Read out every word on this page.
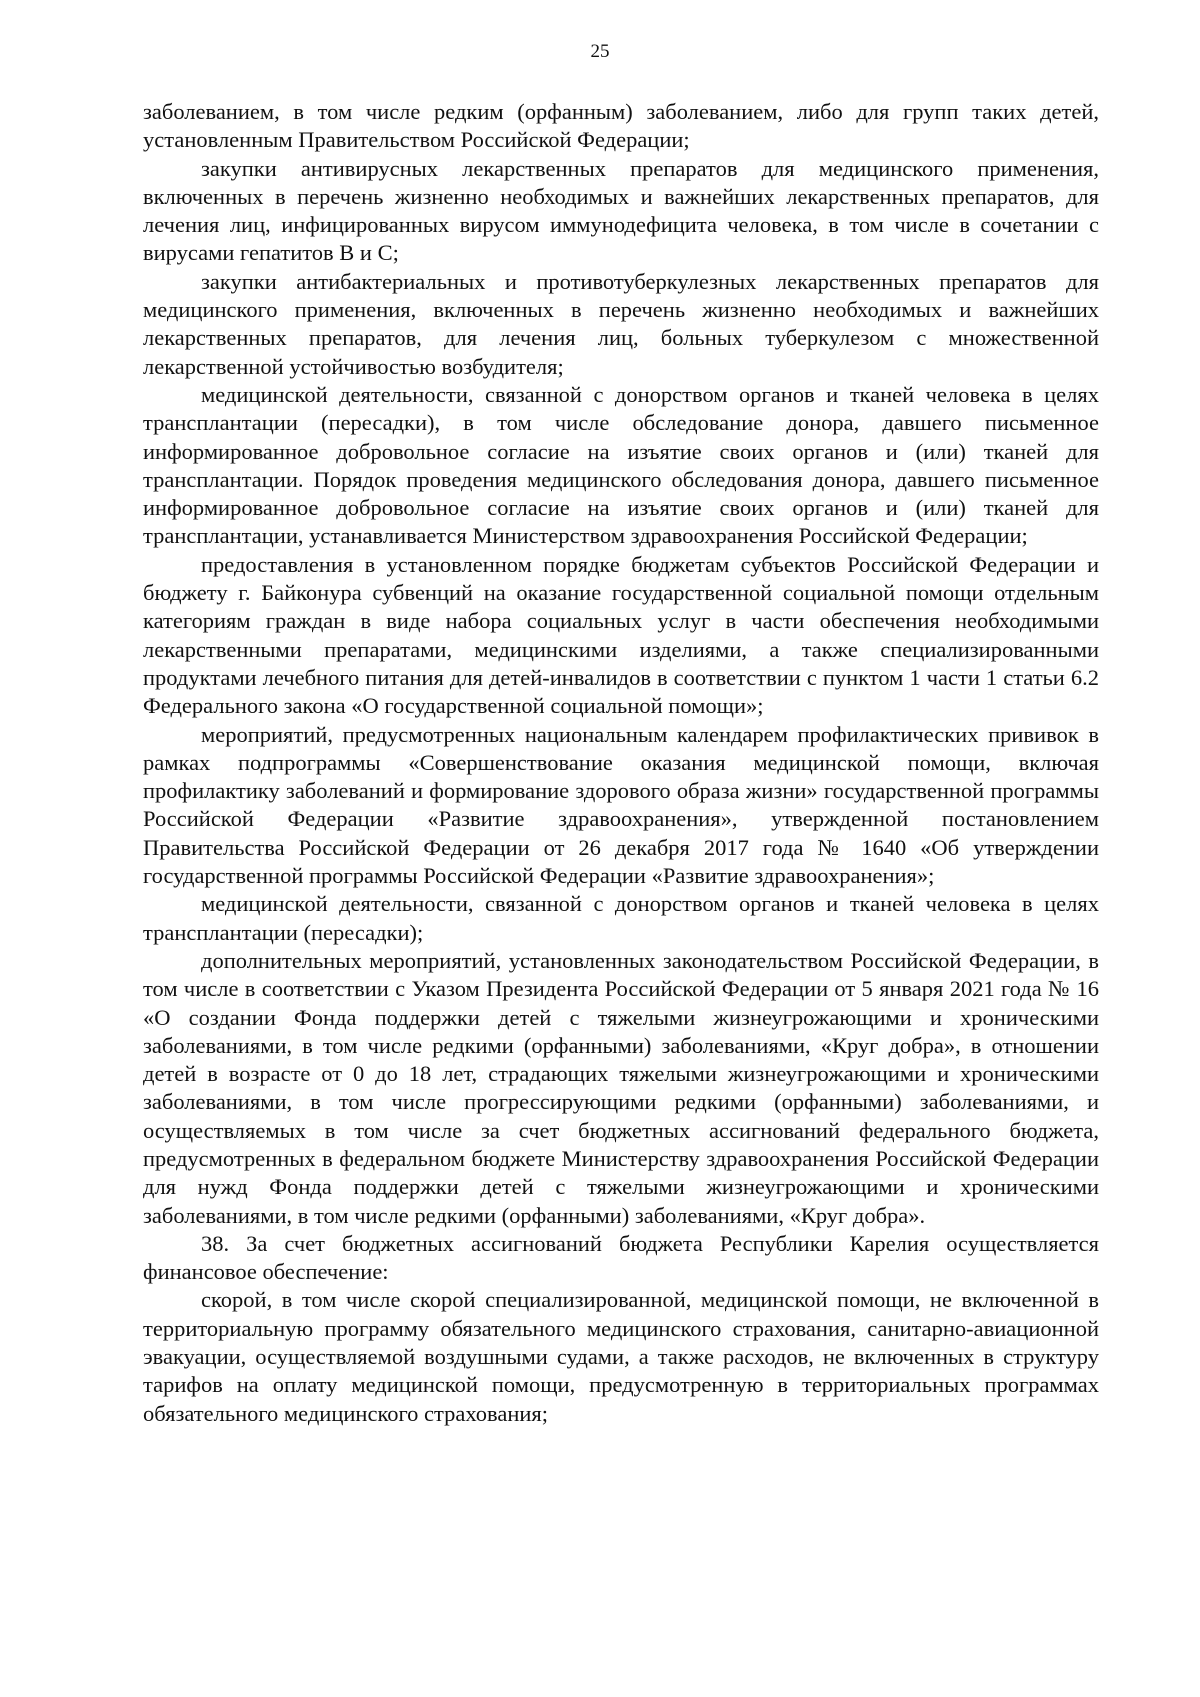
25

заболеванием, в том числе редким (орфанным) заболеванием, либо для групп таких детей, установленным Правительством Российской Федерации;

закупки антивирусных лекарственных препаратов для медицинского применения, включенных в перечень жизненно необходимых и важнейших лекарственных препаратов, для лечения лиц, инфицированных вирусом иммунодефицита человека, в том числе в сочетании с вирусами гепатитов В и С;

закупки антибактериальных и противотуберкулезных лекарственных препаратов для медицинского применения, включенных в перечень жизненно необходимых и важнейших лекарственных препаратов, для лечения лиц, больных туберкулезом с множественной лекарственной устойчивостью возбудителя;

медицинской деятельности, связанной с донорством органов и тканей человека в целях трансплантации (пересадки), в том числе обследование донора, давшего письменное информированное добровольное согласие на изъятие своих органов и (или) тканей для трансплантации. Порядок проведения медицинского обследования донора, давшего письменное информированное добровольное согласие на изъятие своих органов и (или) тканей для трансплантации, устанавливается Министерством здравоохранения Российской Федерации;

предоставления в установленном порядке бюджетам субъектов Российской Федерации и бюджету г. Байконура субвенций на оказание государственной социальной помощи отдельным категориям граждан в виде набора социальных услуг в части обеспечения необходимыми лекарственными препаратами, медицинскими изделиями, а также специализированными продуктами лечебного питания для детей-инвалидов в соответствии с пунктом 1 части 1 статьи 6.2 Федерального закона «О государственной социальной помощи»;

мероприятий, предусмотренных национальным календарем профилактических прививок в рамках подпрограммы «Совершенствование оказания медицинской помощи, включая профилактику заболеваний и формирование здорового образа жизни» государственной программы Российской Федерации «Развитие здравоохранения», утвержденной постановлением Правительства Российской Федерации от 26 декабря 2017 года № 1640 «Об утверждении государственной программы Российской Федерации «Развитие здравоохранения»;

медицинской деятельности, связанной с донорством органов и тканей человека в целях трансплантации (пересадки);

дополнительных мероприятий, установленных законодательством Российской Федерации, в том числе в соответствии с Указом Президента Российской Федерации от 5 января 2021 года № 16 «О создании Фонда поддержки детей с тяжелыми жизнеугрожающими и хроническими заболеваниями, в том числе редкими (орфанными) заболеваниями, «Круг добра», в отношении детей в возрасте от 0 до 18 лет, страдающих тяжелыми жизнеугрожающими и хроническими заболеваниями, в том числе прогрессирующими редкими (орфанными) заболеваниями, и осуществляемых в том числе за счет бюджетных ассигнований федерального бюджета, предусмотренных в федеральном бюджете Министерству здравоохранения Российской Федерации для нужд Фонда поддержки детей с тяжелыми жизнеугрожающими и хроническими заболеваниями, в том числе редкими (орфанными) заболеваниями, «Круг добра».

38. За счет бюджетных ассигнований бюджета Республики Карелия осуществляется финансовое обеспечение:

скорой, в том числе скорой специализированной, медицинской помощи, не включенной в территориальную программу обязательного медицинского страхования, санитарно-авиационной эвакуации, осуществляемой воздушными судами, а также расходов, не включенных в структуру тарифов на оплату медицинской помощи, предусмотренную в территориальных программах обязательного медицинского страхования;
